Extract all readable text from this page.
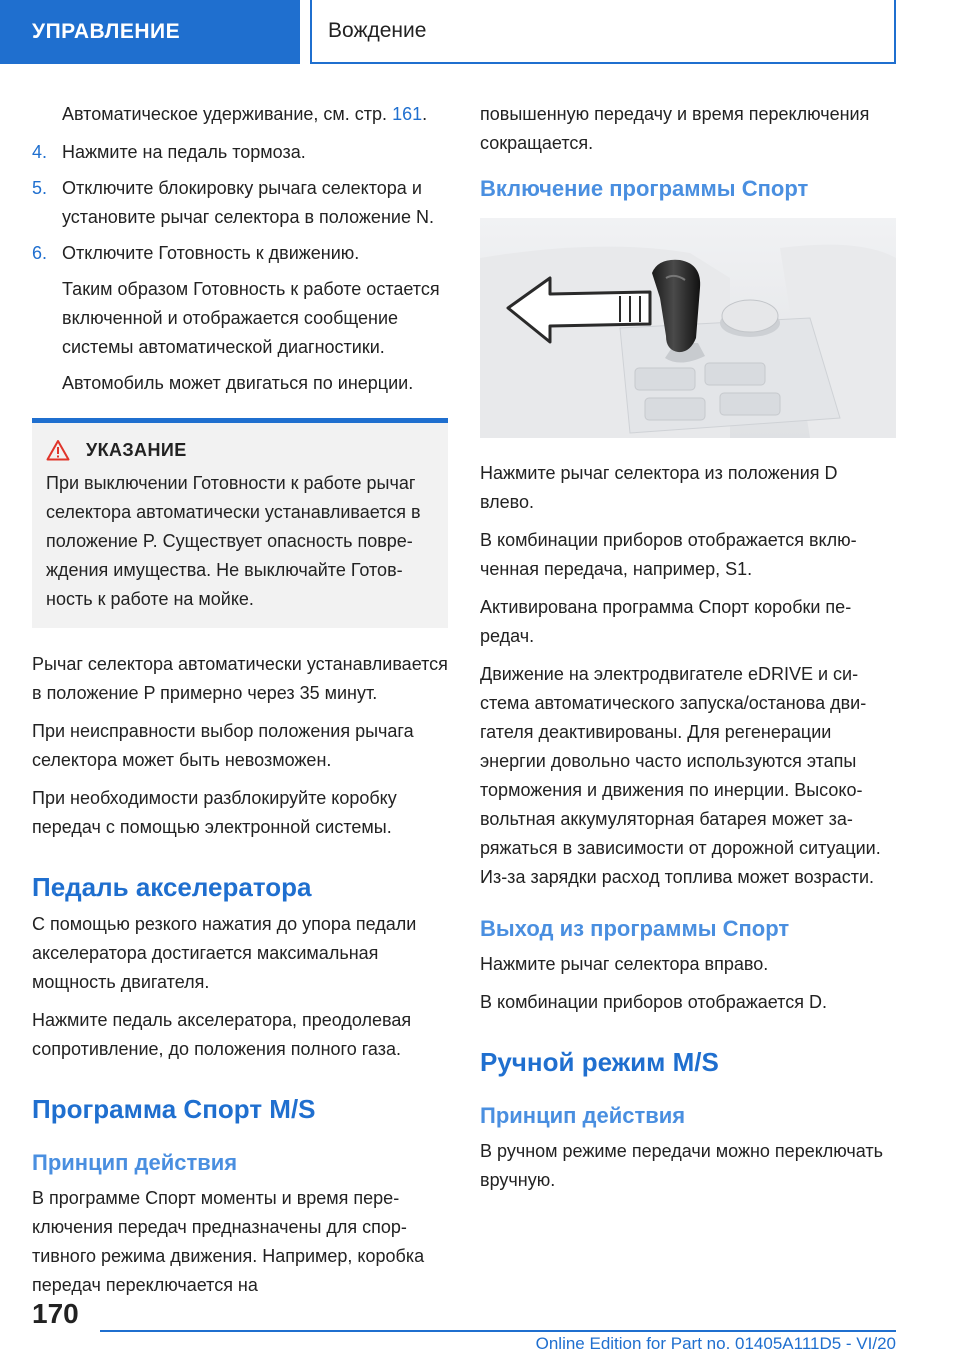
УПРАВЛЕНИЕ	Вождение

Автоматическое удерживание, см. стр. 161.

4. Нажмите на педаль тормоза.
5. Отключите блокировку рычага селектора и установите рычаг селектора в положение N.
6. Отключите Готовность к движению.
Таким образом Готовность к работе остается включенной и отображается сообщение системы автоматической диагностики.
Автомобиль может двигаться по инерции.
УКАЗАНИЕ

При выключении Готовности к работе рычаг селектора автоматически устанавливается в положение P. Существует опасность повреждения имущества. Не выключайте Готовность к работе на мойке.

Рычаг селектора автоматически устанавливается в положение P примерно через 35 минут.

При неисправности выбор положения рычага селектора может быть невозможен.

При необходимости разблокируйте коробку передач с помощью электронной системы.

Педаль акселератора

С помощью резкого нажатия до упора педали акселератора достигается максимальная мощность двигателя.

Нажмите педаль акселератора, преодолевая сопротивление, до положения полного газа.

Программа Спорт M/S
Принцип действия

В программе Спорт моменты и время переключения передач предназначены для спортивного режима движения. Например, коробка передач переключается на

повышенную передачу и время переключения сокращается.

Включение программы Спорт

Нажмите рычаг селектора из положения D влево.

В комбинации приборов отображается включенная передача, например, S1.

Активирована программа Спорт коробки передач.

Движение на электродвигателе eDRIVE и система автоматического запуска/останова двигателя деактивированы. Для регенерации энергии довольно часто используются этапы торможения и движения по инерции. Высоковольтная аккумуляторная батарея может заряжаться в зависимости от дорожной ситуации. Из-за зарядки расход топлива может возрасти.

Выход из программы Спорт

Нажмите рычаг селектора вправо.

В комбинации приборов отображается D.

Ручной режим M/S
Принцип действия

В ручном режиме передачи можно переключать вручную.

170
Online Edition for Part no. 01405A111D5 - VI/20
